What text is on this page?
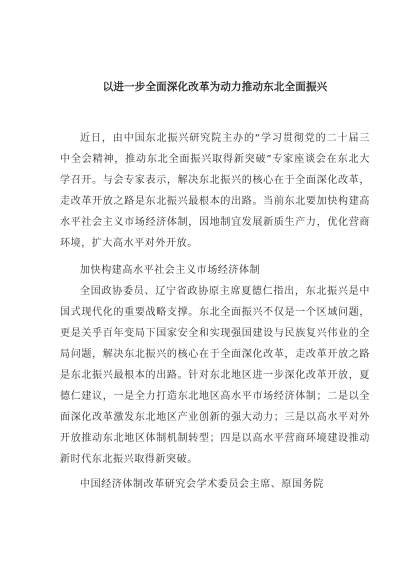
以进一步全面深化改革为动力推动东北全面振兴

近日，由中国东北振兴研究院主办的“学习贯彻党的二十届三中全会精神，推动东北全面振兴取得新突破”专家座谈会在东北大学召开。与会专家表示，解决东北振兴的核心在于全面深化改革，走改革开放之路是东北振兴最根本的出路。当前东北要加快构建高水平社会主义市场经济体制，因地制宜发展新质生产力，优化营商环境，扩大高水平对外开放。

加快构建高水平社会主义市场经济体制

全国政协委员、辽宁省政协原主席夏德仁指出，东北振兴是中国式现代化的重要战略支撑。东北全面振兴不仅是一个区域问题，更是关乎百年变局下国家安全和实现强国建设与民族复兴伟业的全局问题，解决东北振兴的核心在于全面深化改革，走改革开放之路是东北振兴最根本的出路。针对东北地区进一步深化改革开放，夏德仁建议，一是全力打造东北地区高水平市场经济体制；二是以全面深化改革激发东北地区产业创新的强大动力；三是以高水平对外开放推动东北地区体制机制转型；四是以高水平营商环境建设推动新时代东北振兴取得新突破。

中国经济体制改革研究会学术委员会主席、原国务院
